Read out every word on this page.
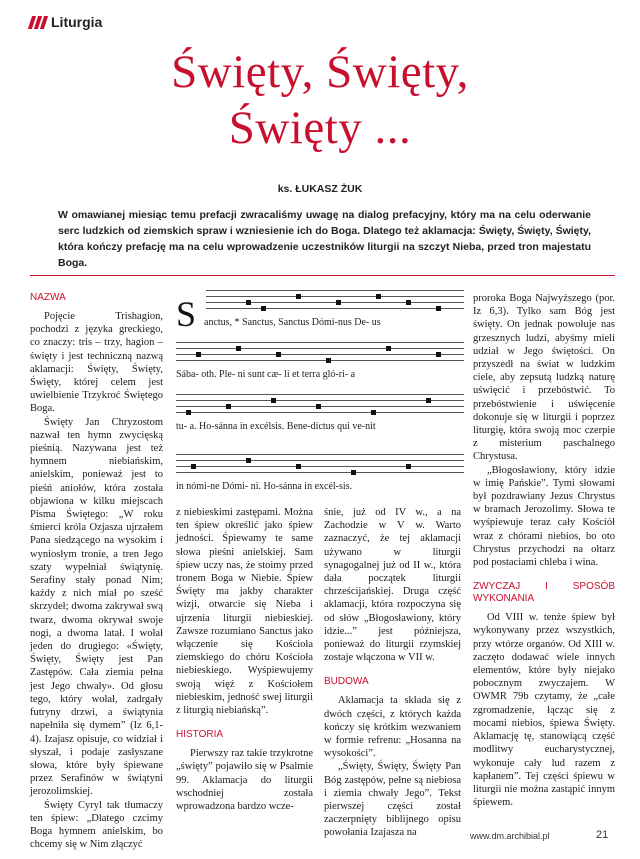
Liturgia
Święty, Święty,
Święty ...
ks. ŁUKASZ ŻUK
W omawianej miesiąc temu prefacji zwracaliśmy uwagę na dialog prefacyjny, który ma na celu oderwanie serc ludzkich od ziemskich spraw i wzniesienie ich do Boga. Dlatego też aklamacja: Święty, Święty, Święty, która kończy prefację ma na celu wprowadzenie uczestników liturgii na szczyt Nieba, przed tron majestatu Boga.
NAZWA

Pojęcie Trishagion, pochodzi z języka greckiego, co znaczy: tris – trzy, hagion – święty i jest techniczną nazwą aklamacji: Święty, Święty, Święty, której celem jest uwielbienie Trzykroć Świętego Boga.

Święty Jan Chryzostom nazwał ten hymn zwycięską pieśnią. Nazywana jest też hymnem niebiańskim, anielskim, ponieważ jest to pieśń aniołów, która została objawiona w kilku miejscach Pisma Świętego: „W roku śmierci króla Ozjasza ujrzałem Pana siedzącego na wysokim i wyniosłym tronie, a tren Jego szaty wypełniał świątynię. Serafiny stały ponad Nim; każdy z nich miał po sześć skrzydeł; dwoma zakrywał swą twarz, dwoma okrywał swoje nogi, a dwoma latał. I wołał jeden do drugiego: «Święty, Święty, Święty jest Pan Zastępów. Cała ziemia pełna jest Jego chwały». Od głosu tego, który wołał, zadrgały futryny drzwi, a świątynia napełniła się dymem” (Iz 6,1-4). Izajasz opisuje, co widział i słyszał, i podaje zasłyszane słowa, które były śpiewane przez Serafinów w świątyni jerozolimskiej.

Święty Cyryl tak tłumaczy ten śpiew: „Dlatego czcimy Boga hymnem anielskim, bo chcemy się w Nim złączyć

S anctus, * Sanctus, Sanctus Dómi-nus De- us
Sába- oth. Ple- ni sunt cæ- li et terra gló-ri- a
tu- a. Ho-sánna in excélsis. Bene-díctus qui ve-nit
in nómi-ne Dómi- ni. Ho-sánna in excél-sis.

z niebieskimi zastępami. Można ten śpiew określić jako śpiew jedności. Śpiewamy te same słowa pieśni anielskiej. Sam śpiew uczy nas, że stoimy przed tronem Boga w Niebie. Śpiew Święty ma jakby charakter wizji, otwarcie się Nieba i ujrzenia liturgii niebieskiej. Zawsze rozumiano Sanctus jako włączenie się Kościoła ziemskiego do chóru Kościoła niebieskiego. Wyśpiewujemy swoją więź z Kościołem niebieskim, jedność swej liturgii z liturgią niebiańską”.

HISTORIA

Pierwszy raz takie trzykrotne „święty” pojawiło się w Psalmie 99. Aklamacja do liturgii wschodniej została wprowadzona bardzo wcze-

śnie, już od IV w., a na Zachodzie w V w. Warto zaznaczyć, że tej aklamacji używano w liturgii synagogalnej już od II w., która dała początek liturgii chrześcijańskiej. Druga część aklamacji, która rozpoczyna się od słów „Błogosławiony, który idzie...” jest późniejsza, ponieważ do liturgii rzymskiej zostaje włączona w VII w.

BUDOWA

Aklamacja ta składa się z dwóch części, z których każda kończy się krótkim wezwaniem w formie refrenu: „Hosanna na wysokości”.

„Święty, Święty, Święty Pan Bóg zastępów, pełne są niebiosa i ziemia chwały Jego”. Tekst pierwszej części został zaczerpnięty biblijnego opisu powołania Izajasza na

proroka Boga Najwyższego (por. Iz 6,3). Tylko sam Bóg jest święty. On jednak powołuje nas grzesznych ludzi, abyśmy mieli udział w Jego świętości. On przyszedł na świat w ludzkim ciele, aby zepsutą ludzką naturę uświęcić i przebóstwić. To przebóstwienie i uświęcenie dokonuje się w liturgii i poprzez liturgię, która swoją moc czerpie z misterium paschalnego Chrystusa.

„Błogosławiony, który idzie w imię Pańskie”. Tymi słowami był pozdrawiany Jezus Chrystus w bramach Jerozolimy. Słowa te wyśpiewuje teraz cały Kościół wraz z chórami niebios, bo oto Chrystus przychodzi na ołtarz pod postaciami chleba i wina.

ZWYCZAJ I SPOSÓB WYKONANIA

Od VIII w. tenże śpiew był wykonywany przez wszystkich, przy wtórze organów. Od XIII w. zaczęto dodawać wiele innych elementów, które były niejako pobocznym zwyczajem. W OWMR 79b czytamy, że „całe zgromadzenie, łącząc się z mocami niebios, śpiewa Święty. Aklamację tę, stanowiącą część modlitwy eucharystycznej, wykonuje cały lud razem z kapłanem”. Tej części śpiewu w liturgii nie można zastąpić innym śpiewem.

www.dm.archibial.pl	21
